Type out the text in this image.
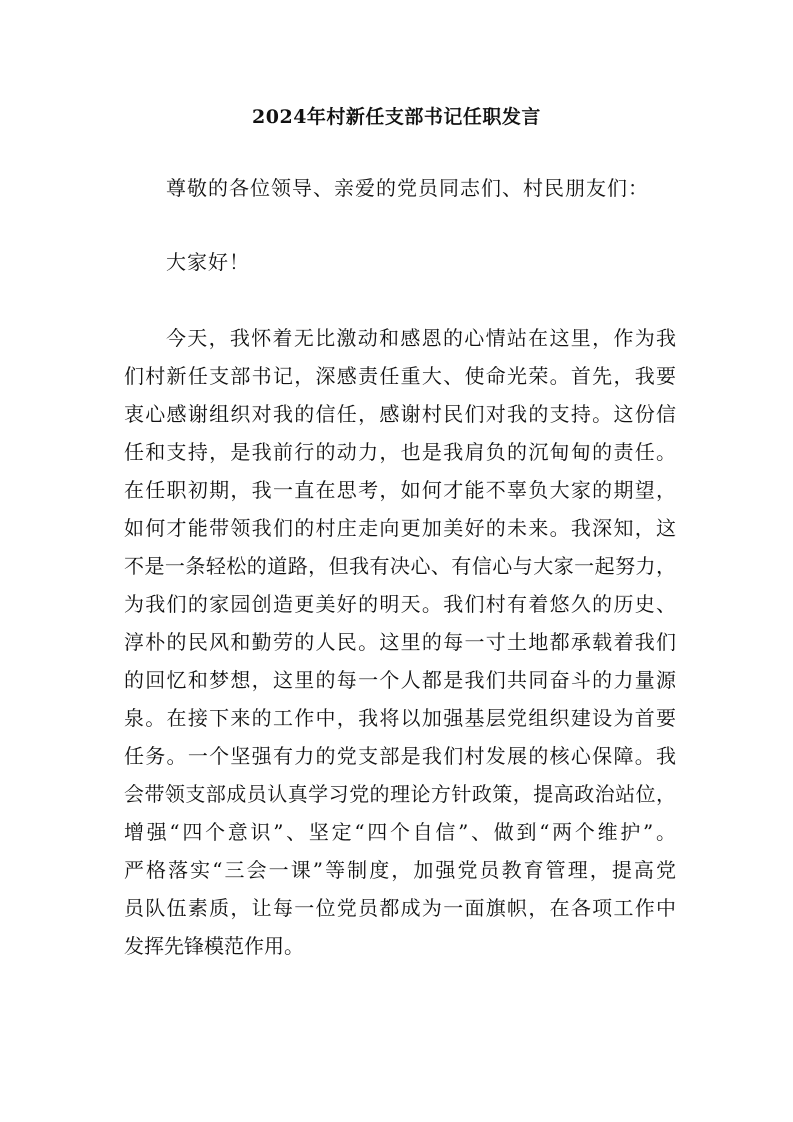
2024年村新任支部书记任职发言
尊敬的各位领导、亲爱的党员同志们、村民朋友们：
大家好！
今天，我怀着无比激动和感恩的心情站在这里，作为我
们村新任支部书记，深感责任重大、使命光荣。首先，我要
衷心感谢组织对我的信任，感谢村民们对我的支持。这份信
任和支持，是我前行的动力，也是我肩负的沉甸甸的责任。
在任职初期，我一直在思考，如何才能不辜负大家的期望，
如何才能带领我们的村庄走向更加美好的未来。我深知，这
不是一条轻松的道路，但我有决心、有信心与大家一起努力，
为我们的家园创造更美好的明天。我们村有着悠久的历史、
淳朴的民风和勤劳的人民。这里的每一寸土地都承载着我们
的回忆和梦想，这里的每一个人都是我们共同奋斗的力量源
泉。在接下来的工作中，我将以加强基层党组织建设为首要
任务。一个坚强有力的党支部是我们村发展的核心保障。我
会带领支部成员认真学习党的理论方针政策，提高政治站位，
增强“四个意识”、坚定“四个自信”、做到“两个维护”。
严格落实“三会一课”等制度，加强党员教育管理，提高党
员队伍素质，让每一位党员都成为一面旗帜，在各项工作中
发挥先锋模范作用。
